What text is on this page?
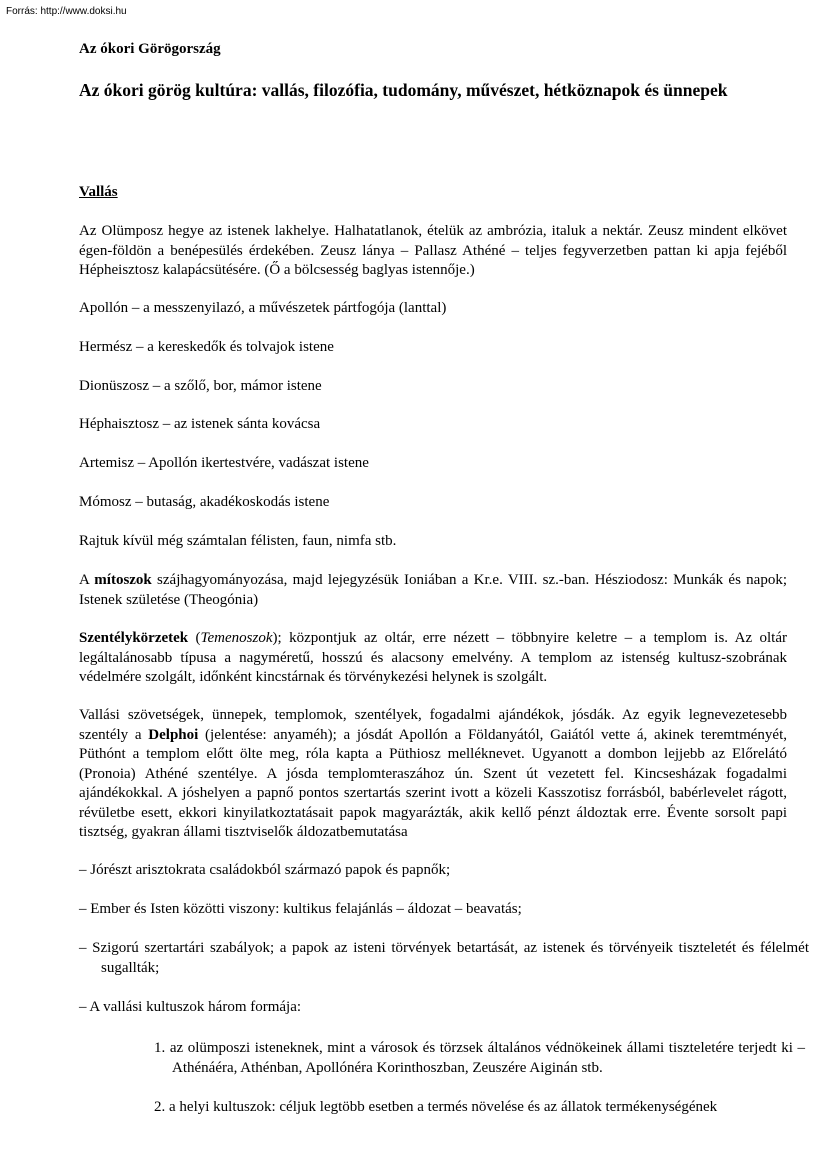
Forrás: http://www.doksi.hu
Az ókori Görögország
Az ókori görög kultúra: vallás, filozófia, tudomány, művészet, hétköznapok és ünnepek
Vallás
Az Olümposz hegye az istenek lakhelye. Halhatatlanok, ételük az ambrózia, italuk a nektár. Zeusz mindent elkövet égen-földön a benépesülés érdekében. Zeusz lánya – Pallasz Athéné – teljes fegyverzetben pattan ki apja fejéből Hépheisztosz kalapácsütésére. (Ő a bölcsesség baglyas istennője.)
Apollón – a messzenyilazó, a művészetek pártfogója (lanttal)
Hermész – a kereskedők és tolvajok istene
Dionüszosz – a szőlő, bor, mámor istene
Héphaisztosz – az istenek sánta kovácsa
Artemisz – Apollón ikertestvére, vadászat istene
Mómosz – butaság, akadékoskodás istene
Rajtuk kívül még számtalan félisten, faun, nimfa stb.
A mítoszok szájhagyományozása, majd lejegyzésük Ioniában a Kr.e. VIII. sz.-ban. Hésziodosz: Munkák és napok; Istenek születése (Theogónia)
Szentélykörzetek (Temenoszok); központjuk az oltár, erre nézett – többnyire keletre – a templom is. Az oltár legáltalánosabb típusa a nagyméretű, hosszú és alacsony emelvény. A templom az istenség kultusz-szobrának védelmére szolgált, időnként kincstárnak és törvénykezési helynek is szolgált.
Vallási szövetségek, ünnepek, templomok, szentélyek, fogadalmi ajándékok, jósdák. Az egyik legnevezetesebb szentély a Delphoi (jelentése: anyaméh); a jósdát Apollón a Földanyától, Gaiától vette á, akinek teremtményét, Püthónt a templom előtt ölte meg, róla kapta a Püthiosz melléknevet. Ugyanott a dombon lejjebb az Előrelátó (Pronoia) Athéné szentélye. A jósda templomteraszához ún. Szent út vezetett fel. Kincsesházak fogadalmi ajándékokkal. A jóshelyen a papnő pontos szertartás szerint ivott a közeli Kasszotisz forrásból, babérlevelet rágott, révületbe esett, ekkori kinyilatkoztatásait papok magyarázták, akik kellő pénzt áldoztak erre. Évente sorsolt papi tisztség, gyakran állami tisztviselők áldozatbemutatása
– Jórészt arisztokrata családokból származó papok és papnők;
– Ember és Isten közötti viszony: kultikus felajánlás – áldozat – beavatás;
– Szigorú szertartári szabályok; a papok az isteni törvények betartását, az istenek és törvényeik tiszteletét és félelmét sugallták;
– A vallási kultuszok három formája:
1. az olümposzi isteneknek, mint a városok és törzsek általános védnökeinek állami tiszteletére terjedt ki – Athénáéra, Athénban, Apollónéra Korinthoszban, Zeuszére Aiginán stb.
2. a helyi kultuszok: céljuk legtöbb esetben a termés növelése és az állatok termékenységének
